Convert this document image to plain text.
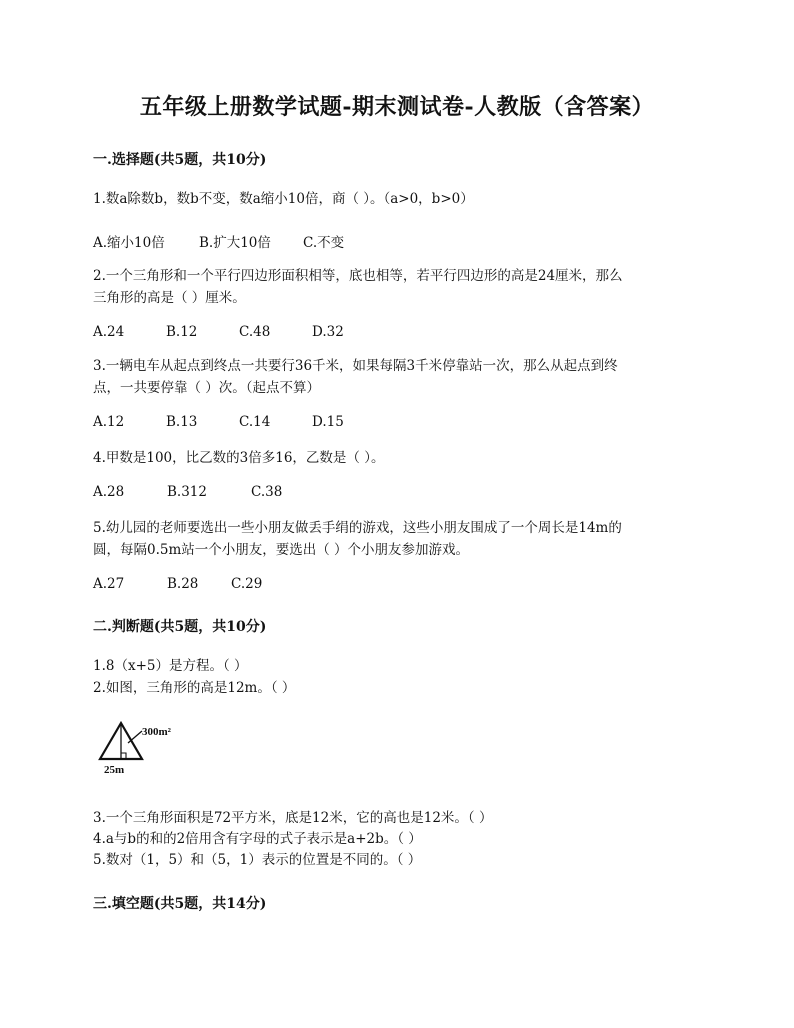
五年级上册数学试题-期末测试卷-人教版（含答案）
一.选择题(共5题，共10分)
1.数a除数b，数b不变，数a缩小10倍，商（ ）。（a>0，b>0）
A.缩小10倍	B.扩大10倍 C.不变
2.一个三角形和一个平行四边形面积相等，底也相等，若平行四边形的高是24厘米，那么
三角形的高是（ ）厘米。
A.24	B.12	C.48	D.32
3.一辆电车从起点到终点一共要行36千米，如果每隔3千米停靠站一次，那么从起点到终
点，一共要停靠（ ）次。（起点不算）
A.12	B.13	C.14	D.15
4.甲数是100，比乙数的3倍多16，乙数是（ ）。
A.28	B.312	C.38
5.幼儿园的老师要选出一些小朋友做丢手绢的游戏，这些小朋友围成了一个周长是14m的
圆，每隔0.5m站一个小朋友，要选出（ ）个小朋友参加游戏。
A.27	B.28 C.29
二.判断题(共5题，共10分)
1.8（x+5）是方程。（ ）
2.如图，三角形的高是12m。（ ）
300m²
25m
3.一个三角形面积是72平方米，底是12米，它的高也是12米。（ ）
4.a与b的和的2倍用含有字母的式子表示是a+2b。（ ）
5.数对（1，5）和（5，1）表示的位置是不同的。（ ）
三.填空题(共5题，共14分)
